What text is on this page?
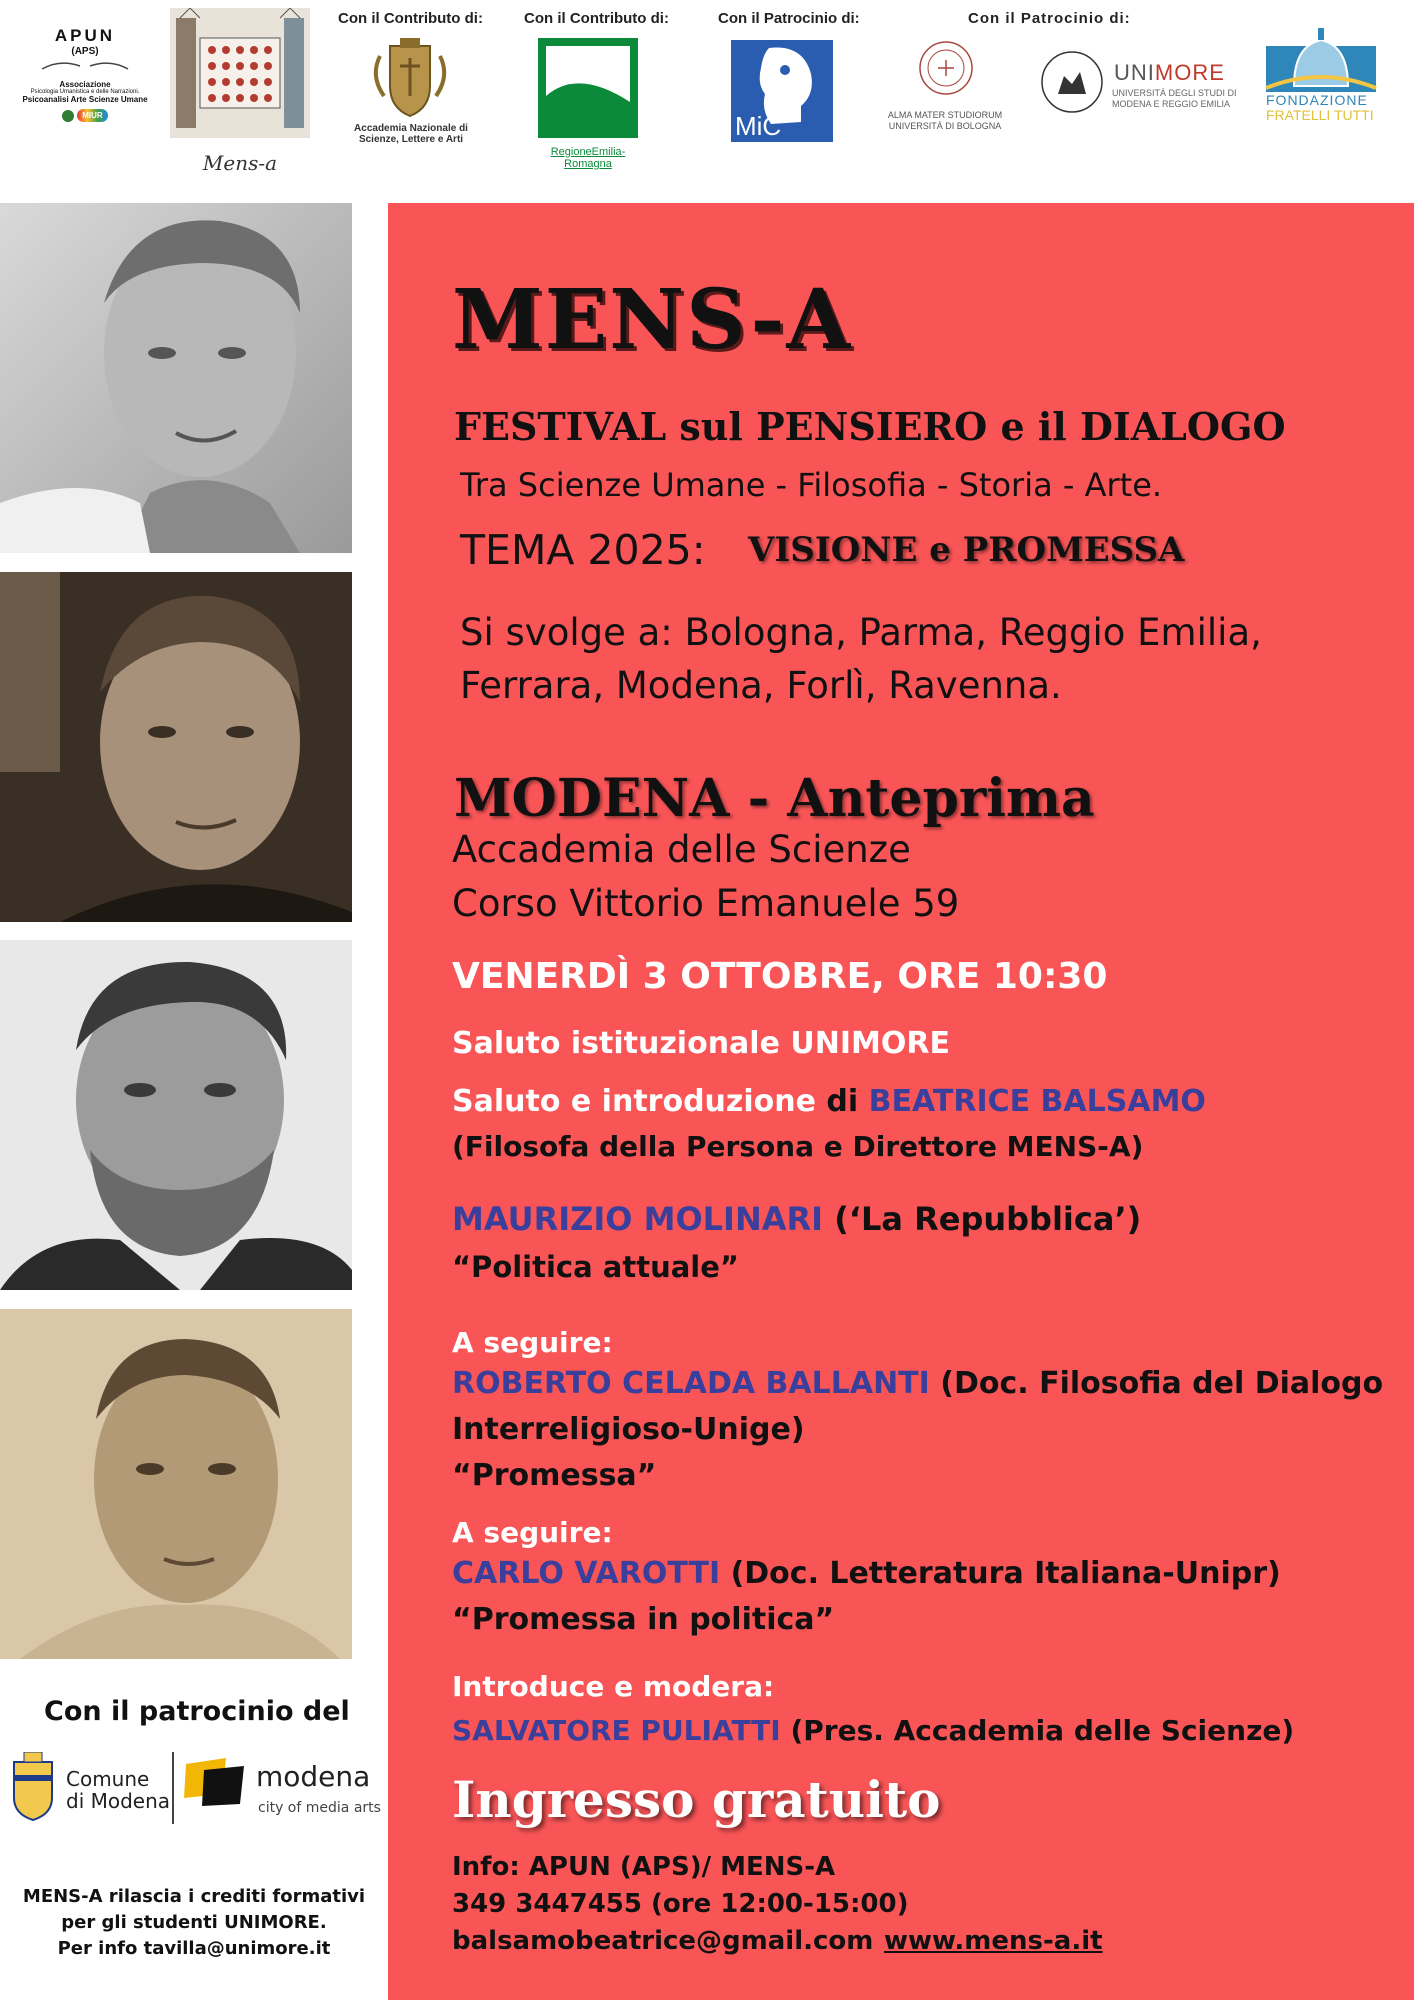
APUN
(APS)
Associazione
Psicologia Umanistica e delle Narrazioni.
Psicoanalisi Arte Scienze Umane
MIUR
Mens-a
Con il Contributo di:	Con il Contributo di:	Con il Patrocinio di:	Con il Patrocinio di:
Accademia Nazionale di Scienze, Lettere e Arti
RegioneEmilia-Romagna
MiC	ALMA MATER STUDIORUM
UNIVERSITÀ DI BOLOGNA
UNIMORE
UNIVERSITÀ DEGLI STUDI DI
MODENA E REGGIO EMILIA	FONDAZIONE
FRATELLI TUTTI
Con il patrocinio del
Comune
di Modena
modena
city of media arts
MENS-A rilascia i crediti formativi
per gli studenti UNIMORE.
Per info tavilla@unimore.it
MENS-A
FESTIVAL sul PENSIERO e il DIALOGO
Tra Scienze Umane - Filosofia - Storia - Arte.
TEMA 2025: VISIONE e PROMESSA
Si svolge a: Bologna, Parma, Reggio Emilia,
Ferrara, Modena, Forlì, Ravenna.
MODENA - Anteprima
Accademia delle Scienze
Corso Vittorio Emanuele 59
VENERDÌ 3 OTTOBRE, ORE 10:30
Saluto istituzionale UNIMORE
Saluto e introduzione di BEATRICE BALSAMO
(Filosofa della Persona e Direttore MENS-A)
MAURIZIO MOLINARI (‘La Repubblica’)
“Politica attuale”
A seguire:
ROBERTO CELADA BALLANTI (Doc. Filosofia del Dialogo
Interreligioso-Unige)
“Promessa”
A seguire:
CARLO VAROTTI (Doc. Letteratura Italiana-Unipr)
“Promessa in politica”
Introduce e modera:
SALVATORE PULIATTI (Pres. Accademia delle Scienze)
Ingresso gratuito
Info: APUN (APS)/ MENS-A
349 3447455 (ore 12:00-15:00)
balsamobeatrice@gmail.com www.mens-a.it
